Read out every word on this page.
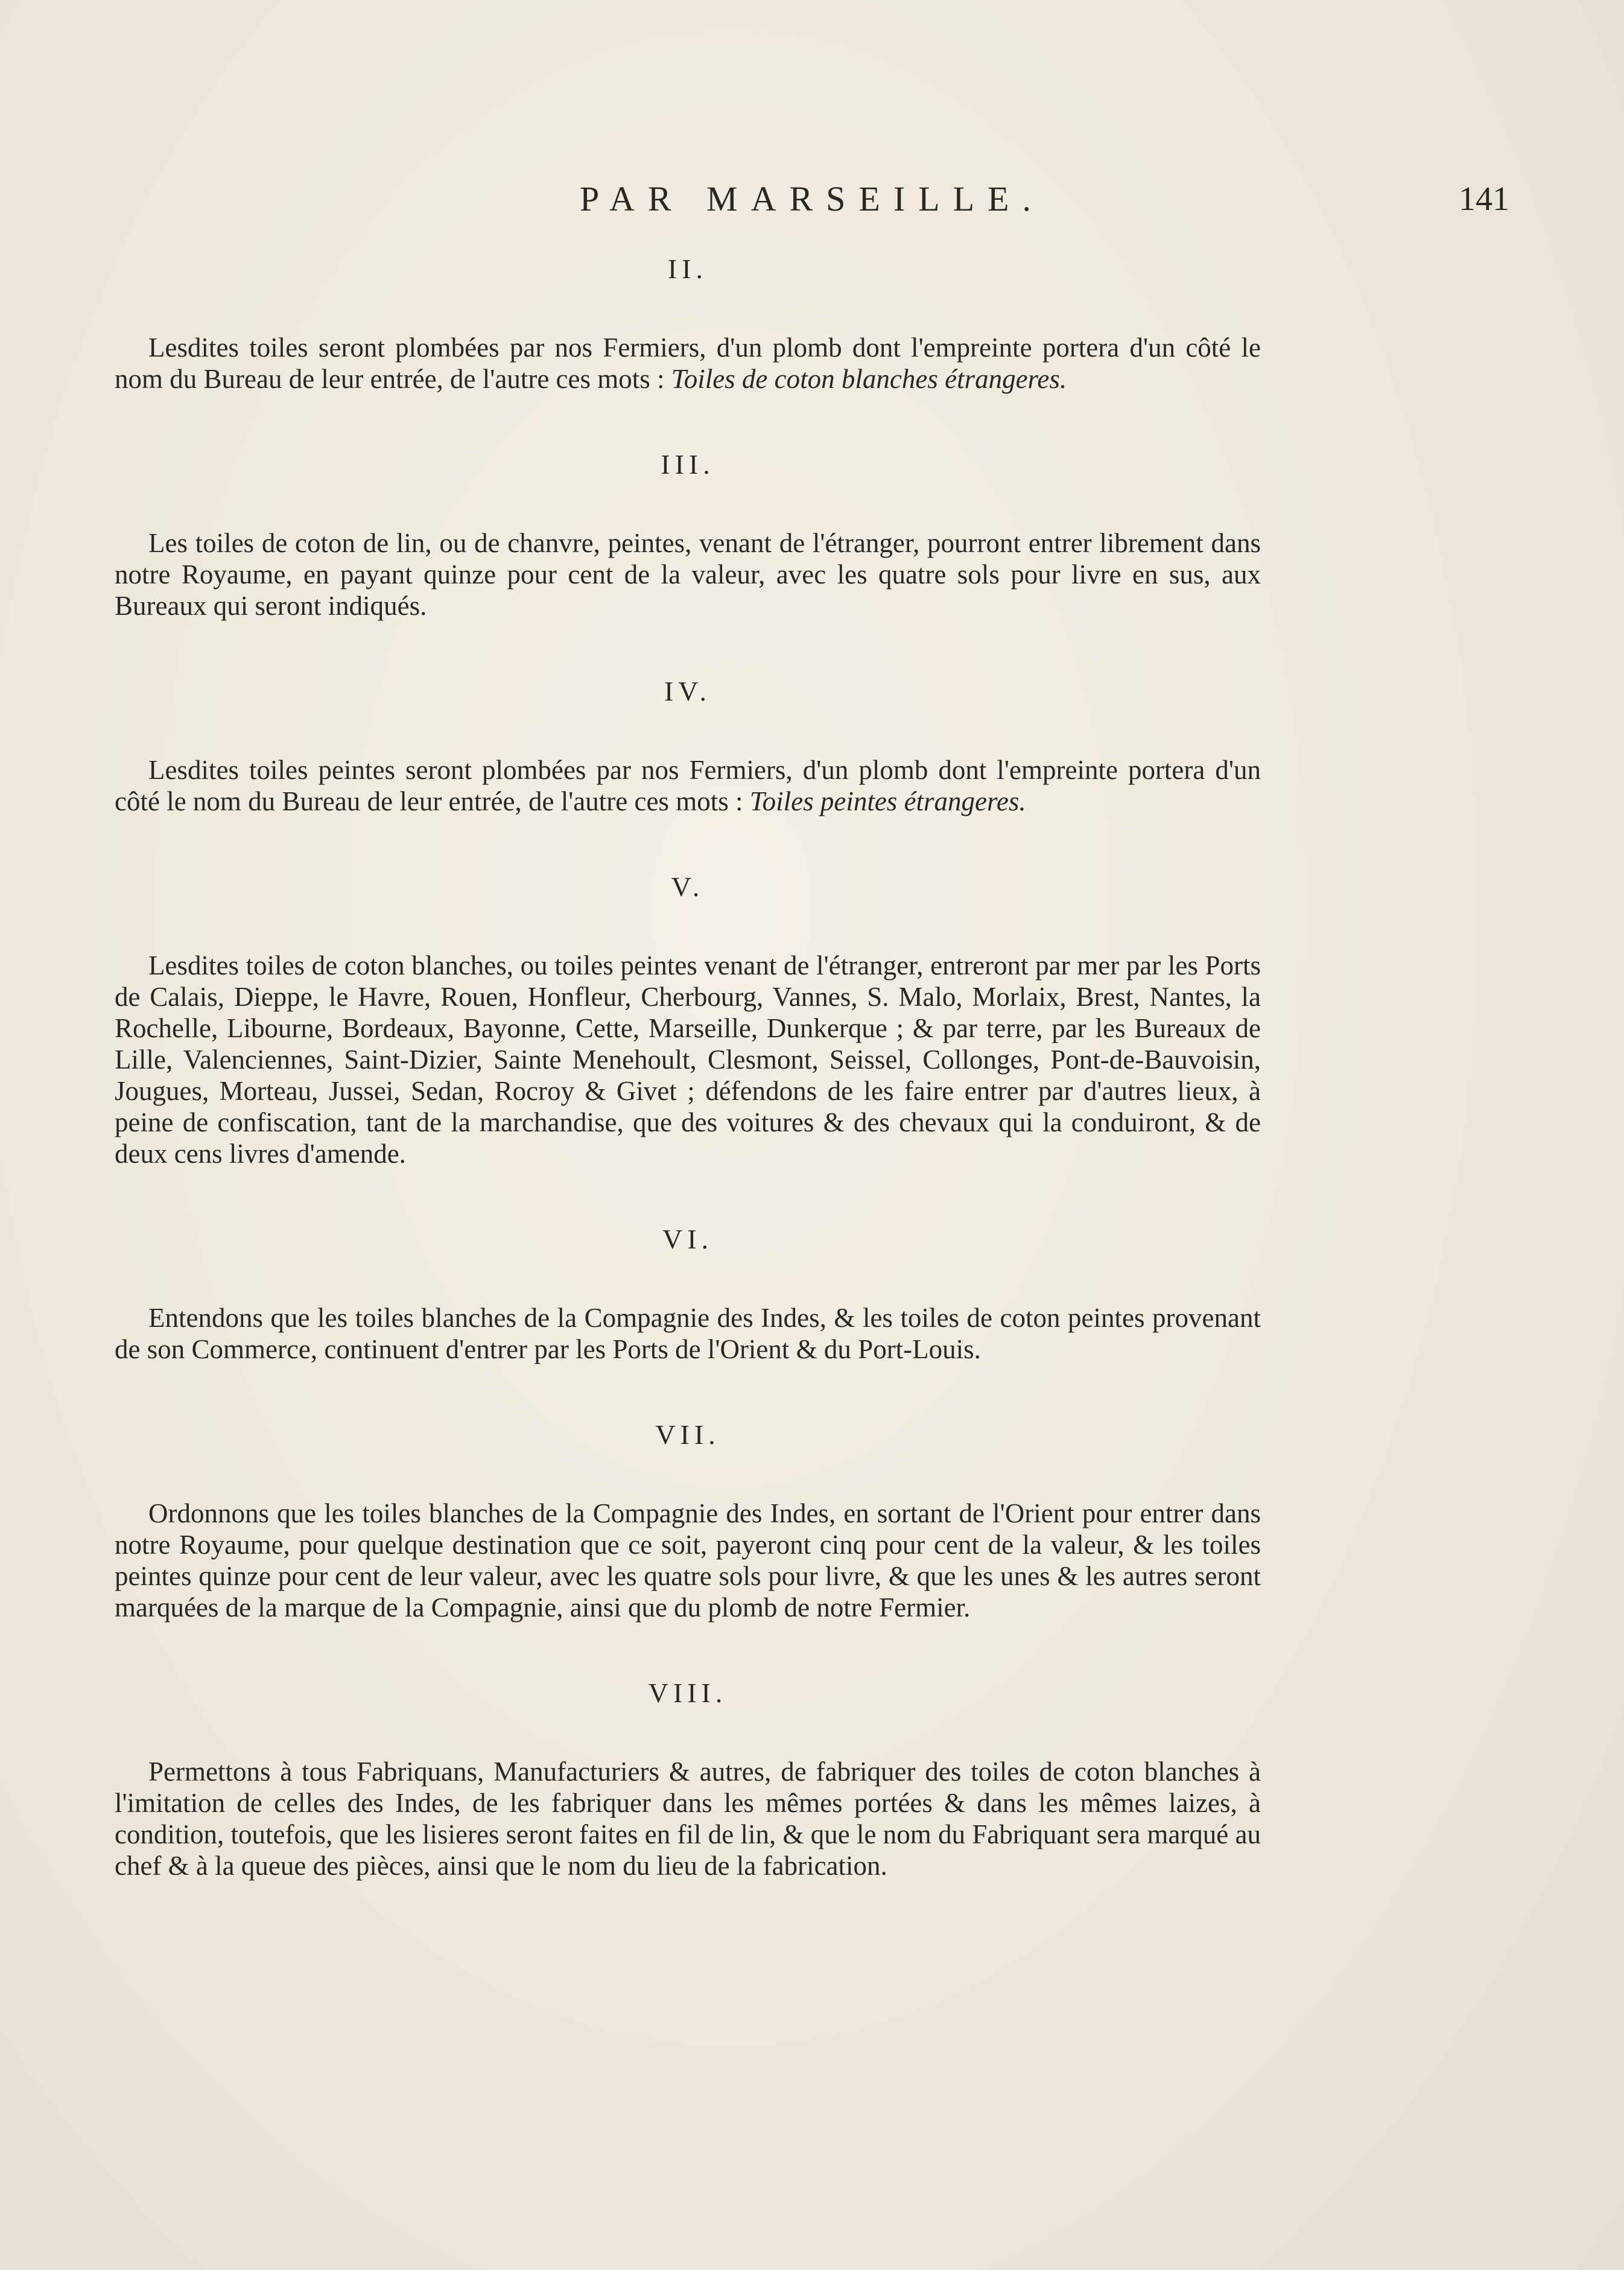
PAR MARSEILLE.	141
II.

Lesdites toiles seront plombées par nos Fermiers, d'un plomb dont l'empreinte portera d'un côté le nom du Bureau de leur entrée, de l'autre ces mots : Toiles de coton blanches étrangeres.

III.

Les toiles de coton de lin, ou de chanvre, peintes, venant de l'étranger, pourront entrer librement dans notre Royaume, en payant quinze pour cent de la valeur, avec les quatre sols pour livre en sus, aux Bureaux qui seront indiqués.

IV.

Lesdites toiles peintes seront plombées par nos Fermiers, d'un plomb dont l'empreinte portera d'un côté le nom du Bureau de leur entrée, de l'autre ces mots : Toiles peintes étrangeres.

V.

Lesdites toiles de coton blanches, ou toiles peintes venant de l'étranger, entreront par mer par les Ports de Calais, Dieppe, le Havre, Rouen, Honfleur, Cherbourg, Vannes, S. Malo, Morlaix, Brest, Nantes, la Rochelle, Libourne, Bordeaux, Bayonne, Cette, Marseille, Dunkerque ; & par terre, par les Bureaux de Lille, Valenciennes, Saint-Dizier, Sainte Menehoult, Clesmont, Seissel, Collonges, Pont-de-Bauvoisin, Jougues, Morteau, Jussei, Sedan, Rocroy & Givet ; défendons de les faire entrer par d'autres lieux, à peine de confiscation, tant de la marchandise, que des voitures & des chevaux qui la conduiront, & de deux cens livres d'amende.

VI.

Entendons que les toiles blanches de la Compagnie des Indes, & les toiles de coton peintes provenant de son Commerce, continuent d'entrer par les Ports de l'Orient & du Port-Louis.

VII.

Ordonnons que les toiles blanches de la Compagnie des Indes, en sortant de l'Orient pour entrer dans notre Royaume, pour quelque destination que ce soit, payeront cinq pour cent de la valeur, & les toiles peintes quinze pour cent de leur valeur, avec les quatre sols pour livre, & que les unes & les autres seront marquées de la marque de la Compagnie, ainsi que du plomb de notre Fermier.

VIII.

Permettons à tous Fabriquans, Manufacturiers & autres, de fabriquer des toiles de coton blanches à l'imitation de celles des Indes, de les fabriquer dans les mêmes portées & dans les mêmes laizes, à condition, toutefois, que les lisieres seront faites en fil de lin, & que le nom du Fabriquant sera marqué au chef & à la queue des pièces, ainsi que le nom du lieu de la fabrication.
